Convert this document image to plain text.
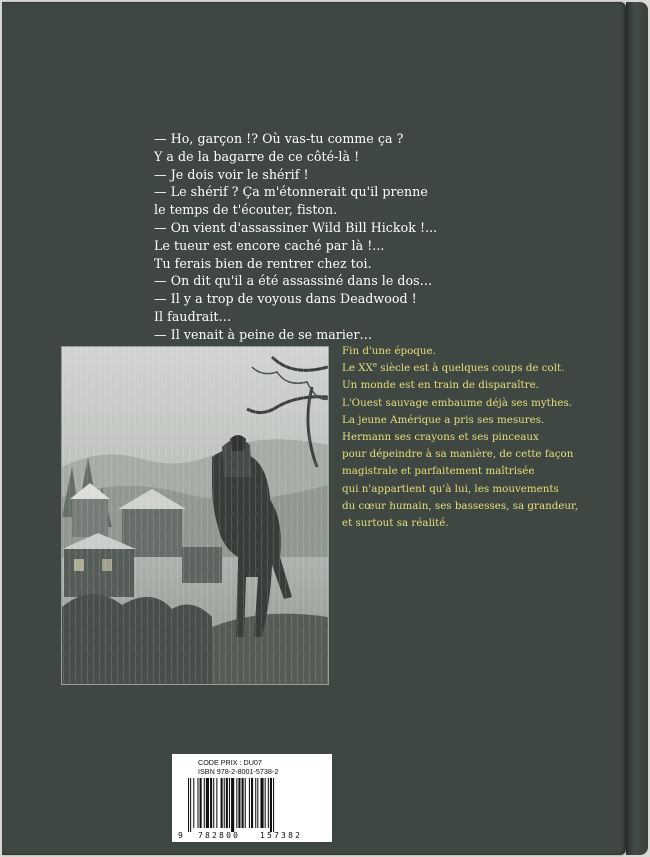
— Ho, garçon !? Où vas-tu comme ça ?
Y a de la bagarre de ce côté-là !
— Je dois voir le shérif !
— Le shérif ? Ça m'étonnerait qu'il prenne
le temps de t'écouter, fiston.
— On vient d'assassiner Wild Bill Hickok !...
Le tueur est encore caché par là !...
Tu ferais bien de rentrer chez toi.
— On dit qu'il a été assassiné dans le dos…
— Il y a trop de voyous dans Deadwood !
Il faudrait…
— Il venait à peine de se marier…
Fin d'une époque.
Le XXe siècle est à quelques coups de colt.
Un monde est en train de disparaître.
L'Ouest sauvage embaume déjà ses mythes.
La jeune Amérique a pris ses mesures.
Hermann ses crayons et ses pinceaux
pour dépeindre à sa manière, de cette façon
magistrale et parfaitement maîtrisée
qui n'appartient qu'à lui, les mouvements
du cœur humain, ses bassesses, sa grandeur,
et surtout sa réalité.
CODE PRIX : DU07
ISBN 978-2-8001-5738-2
9 782800 157382
